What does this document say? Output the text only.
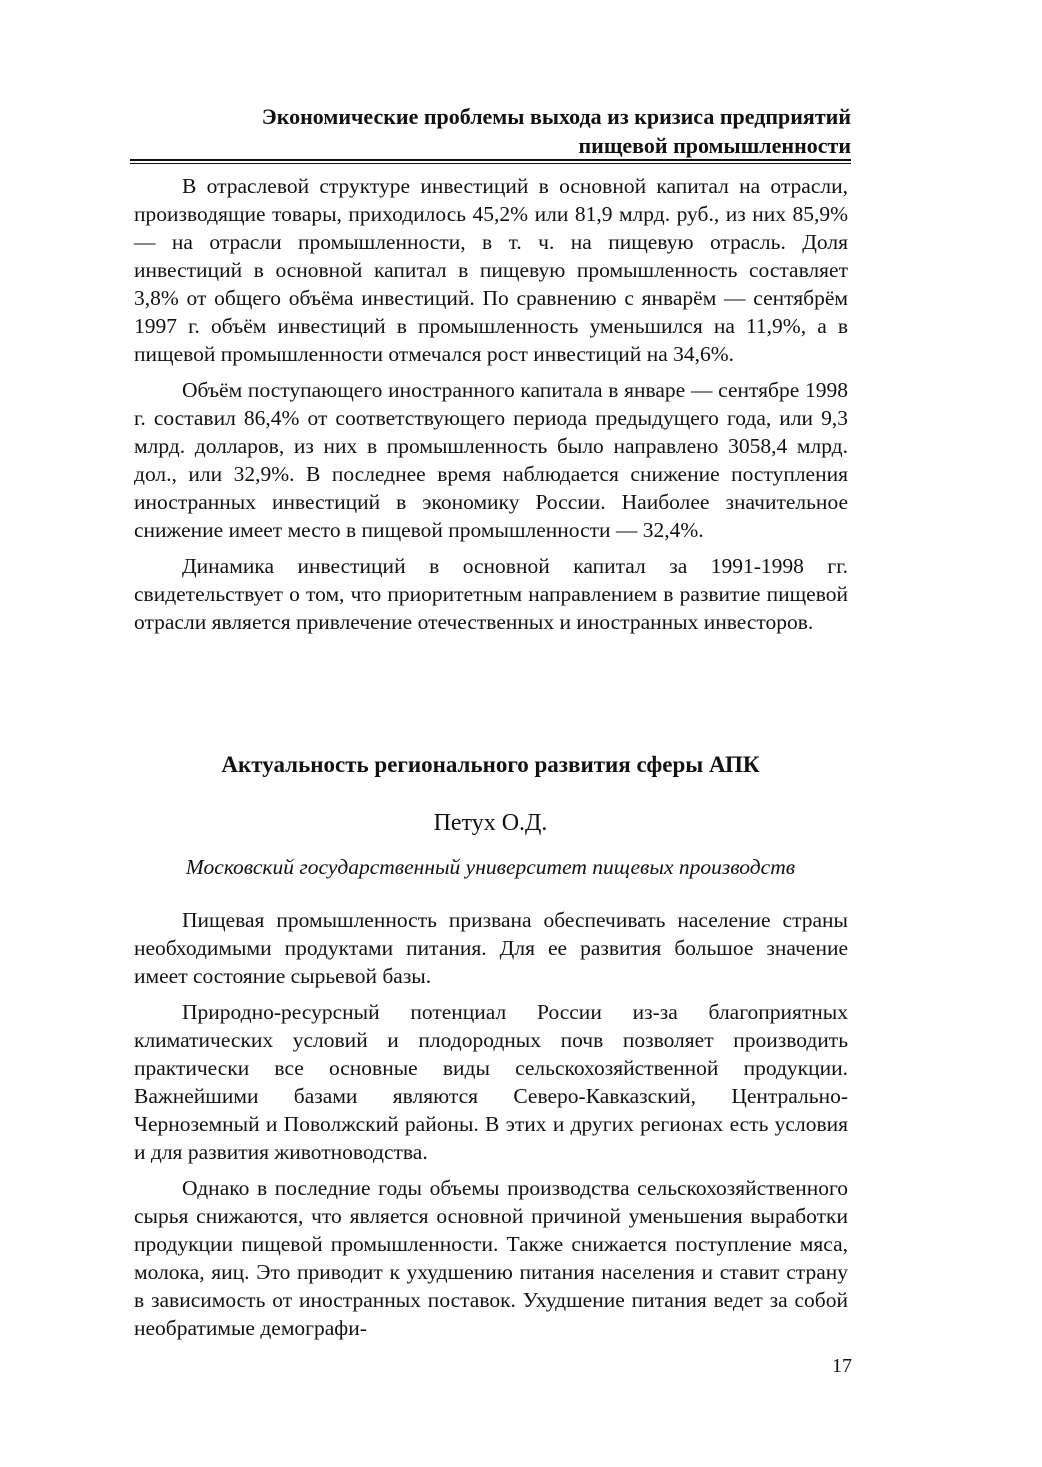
Экономические проблемы выхода из кризиса предприятий
пищевой промышленности

В отраслевой структуре инвестиций в основной капитал на отрасли, производящие товары, приходилось 45,2% или 81,9 млрд. руб., из них 85,9% — на отрасли промышленности, в т. ч. на пищевую отрасль. Доля инвестиций в основной капитал в пищевую промышленность составляет 3,8% от общего объёма инвестиций. По сравнению с январём — сентябрём 1997 г. объём инвестиций в промышленность уменьшился на 11,9%, а в пищевой промышленности отмечался рост инвестиций на 34,6%.

Объём поступающего иностранного капитала в январе — сентябре 1998 г. составил 86,4% от соответствующего периода предыдущего года, или 9,3 млрд. долларов, из них в промышленность было направлено 3058,4 млрд. дол., или 32,9%. В последнее время наблюдается снижение поступления иностранных инвестиций в экономику России. Наиболее значительное снижение имеет место в пищевой промышленности — 32,4%.

Динамика инвестиций в основной капитал за 1991-1998 гг. свидетельствует о том, что приоритетным направлением в развитие пищевой отрасли является привлечение отечественных и иностранных инвесторов.

Актуальность регионального развития сферы АПК
Петух О.Д.
Московский государственный университет пищевых производств

Пищевая промышленность призвана обеспечивать население страны необходимыми продуктами питания. Для ее развития большое значение имеет состояние сырьевой базы.

Природно-ресурсный потенциал России из-за благоприятных климатических условий и плодородных почв позволяет производить практически все основные виды сельскохозяйственной продукции. Важнейшими базами являются Северо-Кавказский, Центрально-Черноземный и Поволжский районы. В этих и других регионах есть условия и для развития животноводства.

Однако в последние годы объемы производства сельскохозяйственного сырья снижаются, что является основной причиной уменьшения выработки продукции пищевой промышленности. Также снижается поступление мяса, молока, яиц. Это приводит к ухудшению питания населения и ставит страну в зависимость от иностранных поставок. Ухудшение питания ведет за собой необратимые демографи-

17
